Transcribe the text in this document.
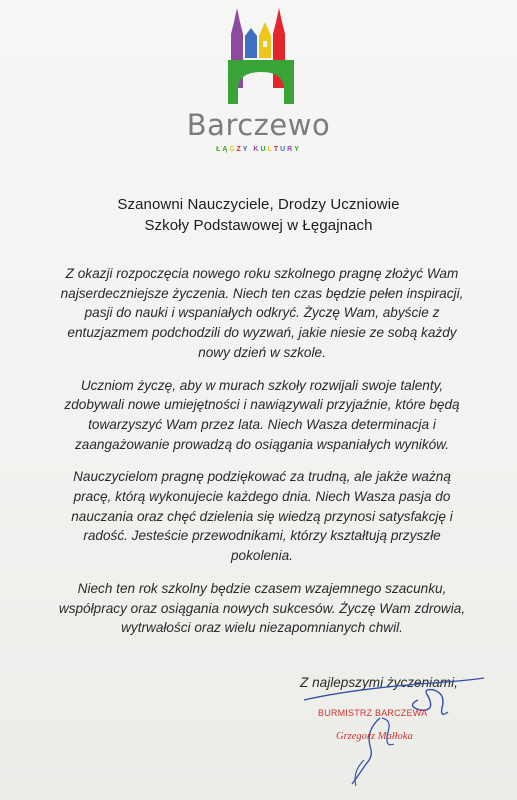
Barczewo
ŁĄCZY KULTURY
Szanowni Nauczyciele, Drodzy Uczniowie
Szkoły Podstawowej w Łęgajnach

Z okazji rozpoczęcia nowego roku szkolnego pragnę złożyć Wam najserdeczniejsze życzenia. Niech ten czas będzie pełen inspiracji, pasji do nauki i wspaniałych odkryć. Życzę Wam, abyście z entuzjazmem podchodzili do wyzwań, jakie niesie ze sobą każdy nowy dzień w szkole.

Uczniom życzę, aby w murach szkoły rozwijali swoje talenty, zdobywali nowe umiejętności i nawiązywali przyjaźnie, które będą towarzyszyć Wam przez lata. Niech Wasza determinacja i zaangażowanie prowadzą do osiągania wspaniałych wyników.

Nauczycielom pragnę podziękować za trudną, ale jakże ważną pracę, którą wykonujecie każdego dnia. Niech Wasza pasja do nauczania oraz chęć dzielenia się wiedzą przynosi satysfakcję i radość. Jesteście przewodnikami, którzy kształtują przyszłe pokolenia.

Niech ten rok szkolny będzie czasem wzajemnego szacunku, współpracy oraz osiągania nowych sukcesów. Życzę Wam zdrowia, wytrwałości oraz wielu niezapomnianych chwil.

Z najlepszymi życzeniami,
BURMISTRZ BARCZEWA
Grzegorz Małłoka
